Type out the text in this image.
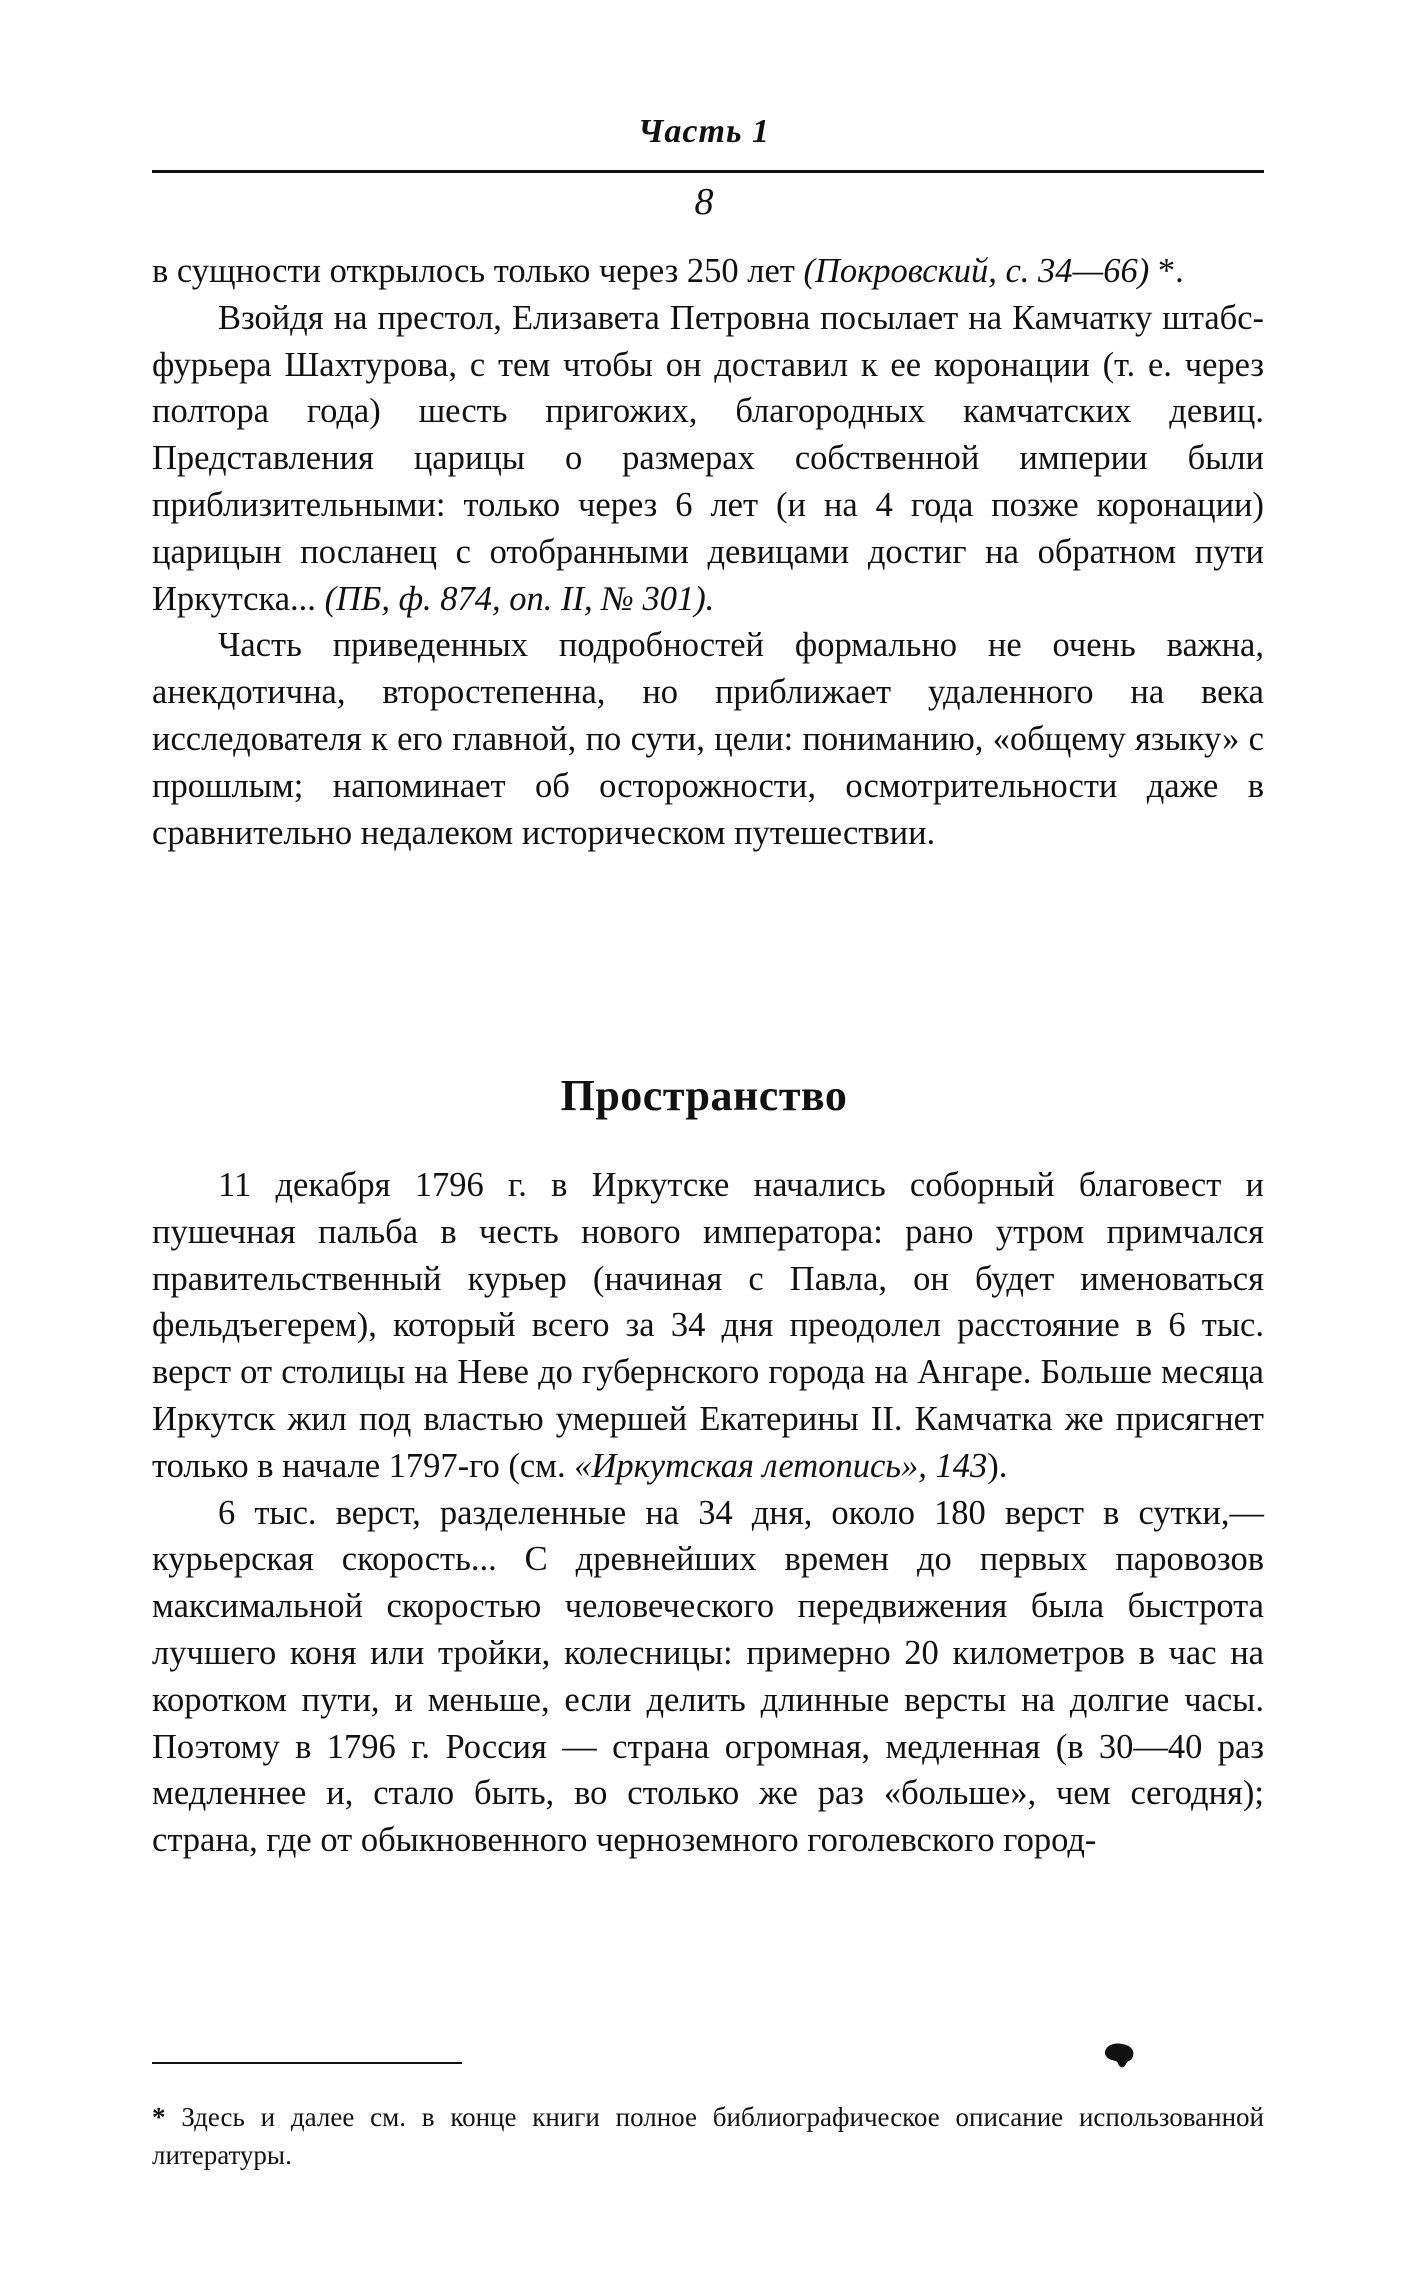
Часть 1
8

в сущности открылось только через 250 лет (Покровский, с. 34—66) *.

Взойдя на престол, Елизавета Петровна посылает на Камчатку штабс-фурьера Шахтурова, с тем чтобы он доставил к ее коронации (т. е. через полтора года) шесть пригожих, благородных камчатских девиц. Представления царицы о размерах собственной империи были приблизительными: только через 6 лет (и на 4 года позже коронации) царицын посланец с отобранными девицами достиг на обратном пути Иркутска... (ПБ, ф. 874, оп. II, № 301).

Часть приведенных подробностей формально не очень важна, анекдотична, второстепенна, но приближает удаленного на века исследователя к его главной, по сути, цели: пониманию, «общему языку» с прошлым; напоминает об осторожности, осмотрительности даже в сравнительно недалеком историческом путешествии.

Пространство

11 декабря 1796 г. в Иркутске начались соборный благовест и пушечная пальба в честь нового императора: рано утром примчался правительственный курьер (начиная с Павла, он будет именоваться фельдъегерем), который всего за 34 дня преодолел расстояние в 6 тыс. верст от столицы на Неве до губернского города на Ангаре. Больше месяца Иркутск жил под властью умершей Екатерины II. Камчатка же присягнет только в начале 1797-го (см. «Иркутская летопись», 143).

6 тыс. верст, разделенные на 34 дня, около 180 верст в сутки,— курьерская скорость... С древнейших времен до первых паровозов максимальной скоростью человеческого передвижения была быстрота лучшего коня или тройки, колесницы: примерно 20 километров в час на коротком пути, и меньше, если делить длинные версты на долгие часы. Поэтому в 1796 г. Россия — страна огромная, медленная (в 30—40 раз медленнее и, стало быть, во столько же раз «больше», чем сегодня); страна, где от обыкновенного черноземного гоголевского город-

* Здесь и далее см. в конце книги полное библиографическое описание использованной литературы.
